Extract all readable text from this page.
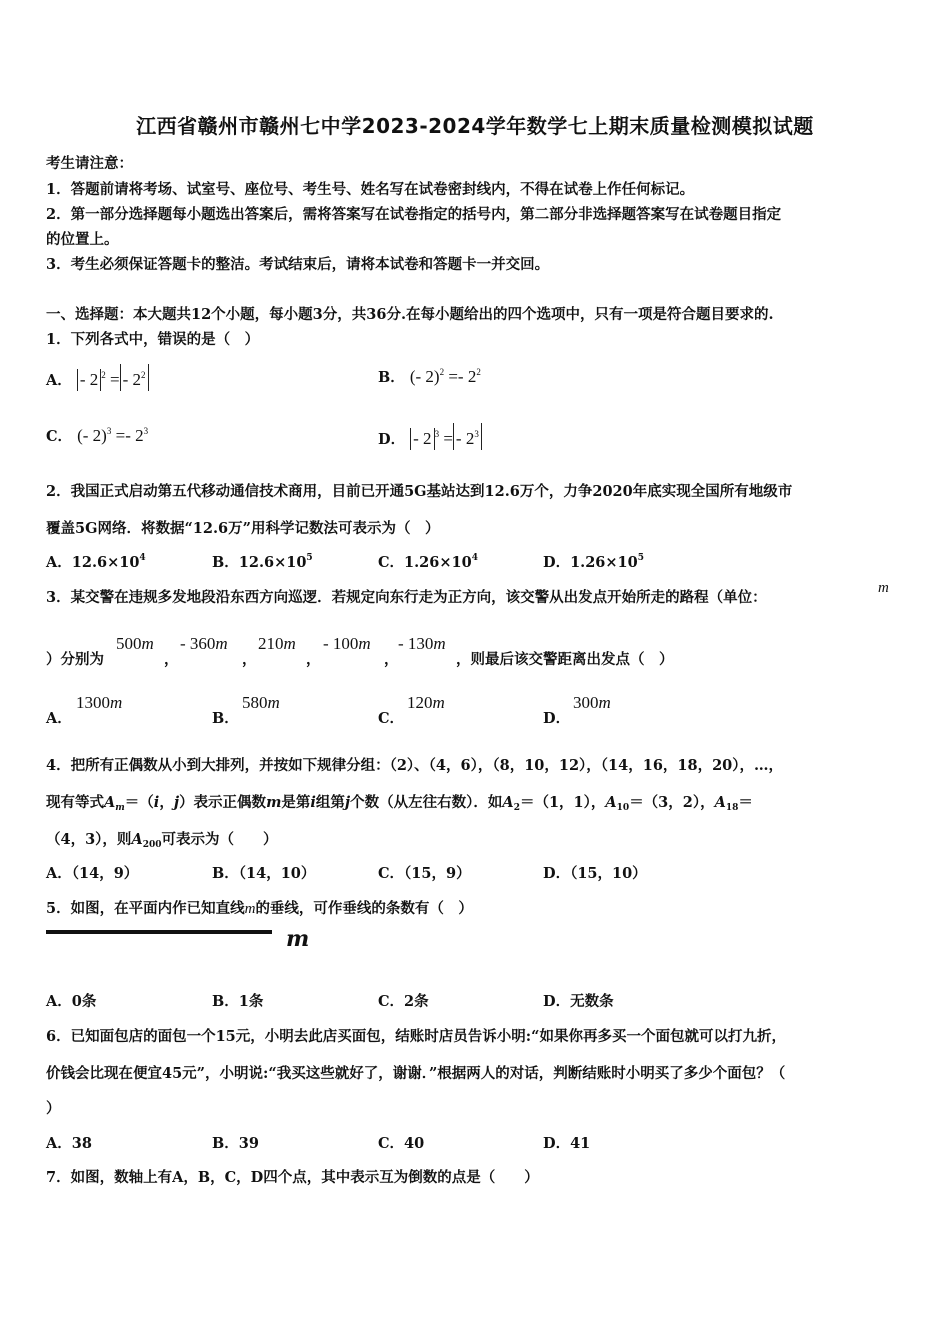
江西省赣州市赣州七中学2023-2024学年数学七上期末质量检测模拟试题
考生请注意：
1．答题前请将考场、试室号、座位号、考生号、姓名写在试卷密封线内，不得在试卷上作任何标记。
2．第一部分选择题每小题选出答案后，需将答案写在试卷指定的括号内，第二部分非选择题答案写在试卷题目指定
的位置上。
3．考生必须保证答题卡的整洁。考试结束后，请将本试卷和答题卡一并交回。
一、选择题：本大题共12个小题，每小题3分，共36分.在每小题给出的四个选项中，只有一项是符合题目要求的.
1．下列各式中，错误的是（　）
A． - 2 $^2$ = - $2^2$	B． (- $2)^2 =- 2^2$
C． (- $2)^3 =- 2^3$	D． - 2 $^3$ = - $2^3$
2．我国正式启动第五代移动通信技术商用，目前已开通5G基站达到12.6万个，力争2020年底实现全国所有地级市
覆盖5G网络．将数据“12.6万”用科学记数法可表示为（　）
A．$12.6\times 10^4$	B．$12.6\times 10^5$	C．$1.26\times 10^4$	D．$1.26\times 10^5$
3．某交警在违规多发地段沿东西方向巡逻．若规定向东行走为正方向，该交警从出发点开始所走的路程（单位：
m
）分别为
500m
，
- 360m
，
210m
，
- 100m
，
- 130m
，则最后该交警距离出发点（　）
A．
1300m
B．
580m
C．
120m
D．
300m
4．把所有正偶数从小到大排列，并按如下规律分组：（2）、（4，6），（8，10，12），（14，16，18，20），…，
现有等式$A_m=(i$，j）表示正偶数m是第i组第j个数（从左往右数）．如$A_2=(1$，1），$A_{10}=(3$，2），$A_{18}=$
（4，3），则$A_{200}$可表示为（　　）
A．（14，9）	B．（14，10）	C．（15，9）	D．（15，10）
5．如图，在平面内作已知直线m的垂线，可作垂线的条数有（　）
m
A．0条	B．1条	C．2条	D．无数条
6．已知面包店的面包一个15元，小明去此店买面包，结账时店员告诉小明:“如果你再多买一个面包就可以打九折，
价钱会比现在便宜45元”，小明说:“我买这些就好了，谢谢．”根据两人的对话，判断结账时小明买了多少个面包？（
）
A．38	B．39	C．40	D．41
7．如图，数轴上有A，B，C，D四个点，其中表示互为倒数的点是（　　）
